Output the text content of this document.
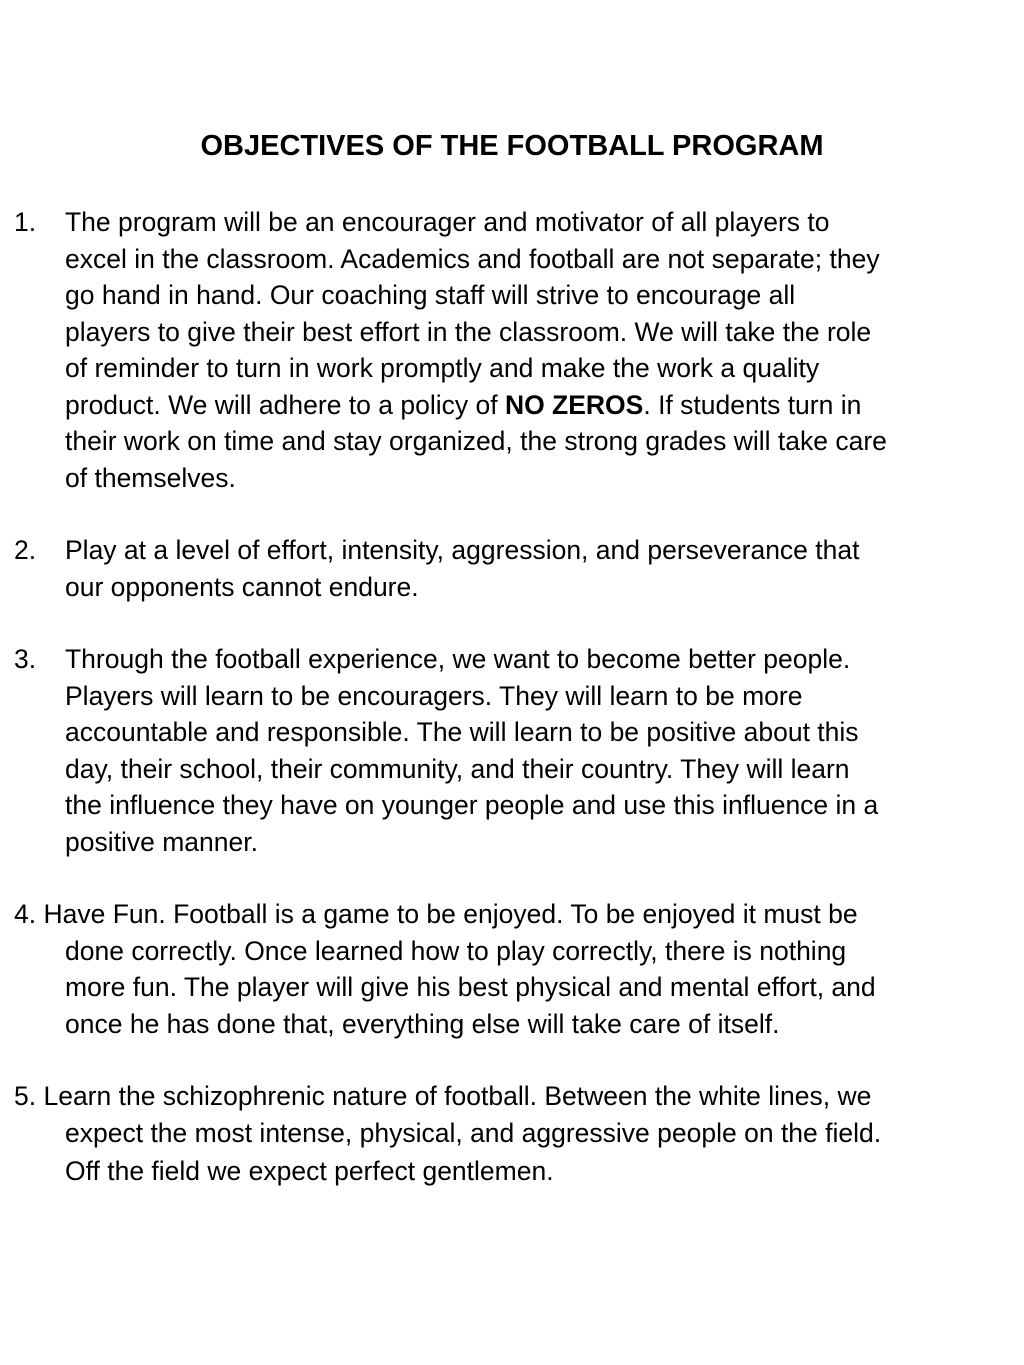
OBJECTIVES OF THE FOOTBALL PROGRAM
1. The program will be an encourager and motivator of all players to
excel in the classroom. Academics and football are not separate; they
go hand in hand. Our coaching staff will strive to encourage all
players to give their best effort in the classroom. We will take the role
of reminder to turn in work promptly and make the work a quality
product. We will adhere to a policy of NO ZEROS. If students turn in
their work on time and stay organized, the strong grades will take care
of themselves.
2. Play at a level of effort, intensity, aggression, and perseverance that
our opponents cannot endure.
3. Through the football experience, we want to become better people.
Players will learn to be encouragers. They will learn to be more
accountable and responsible. The will learn to be positive about this
day, their school, their community, and their country. They will learn
the influence they have on younger people and use this influence in a
positive manner.
4. Have Fun. Football is a game to be enjoyed. To be enjoyed it must be
done correctly. Once learned how to play correctly, there is nothing
more fun. The player will give his best physical and mental effort, and
once he has done that, everything else will take care of itself.
5. Learn the schizophrenic nature of football. Between the white lines, we
expect the most intense, physical, and aggressive people on the field.
Off the field we expect perfect gentlemen.
